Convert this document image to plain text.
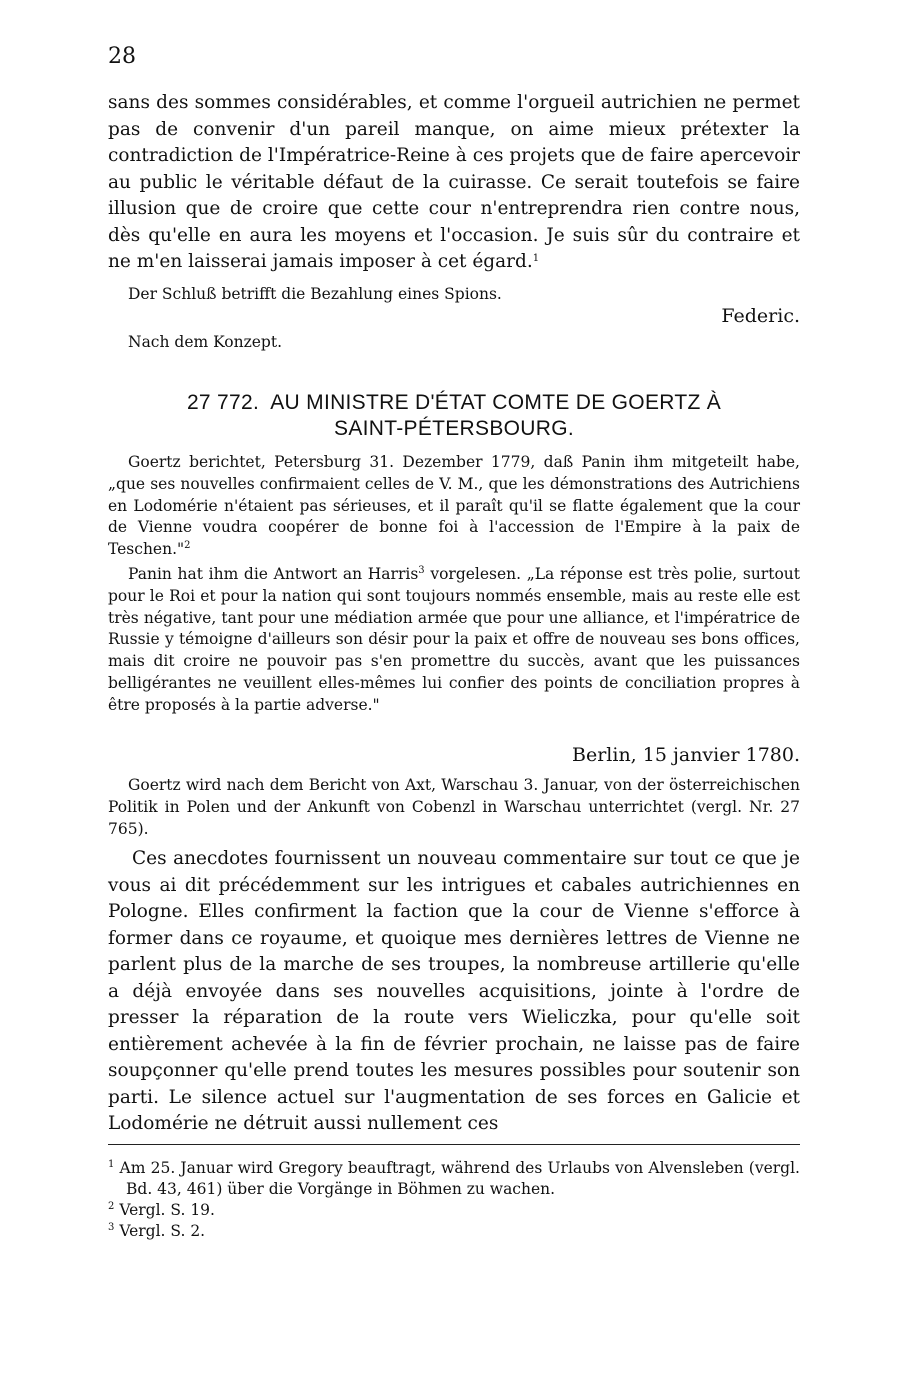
28

sans des sommes considérables, et comme l'orgueil autrichien ne permet pas de convenir d'un pareil manque, on aime mieux prétexter la contradiction de l'Impératrice-Reine à ces projets que de faire apercevoir au public le véritable défaut de la cuirasse. Ce serait toutefois se faire illusion que de croire que cette cour n'entreprendra rien contre nous, dès qu'elle en aura les moyens et l'occasion. Je suis sûr du contraire et ne m'en laisserai jamais imposer à cet égard.$^1$

Der Schluß betrifft die Bezahlung eines Spions.

Federic.

Nach dem Konzept.

27 772. AU MINISTRE D'ÉTAT COMTE DE GOERTZ À
SAINT-PÉTERSBOURG.

Goertz berichtet, Petersburg 31. Dezember 1779, daß Panin ihm mitgeteilt habe, „que ses nouvelles confirmaient celles de V. M., que les démonstrations des Autrichiens en Lodomérie n'étaient pas sérieuses, et il paraît qu'il se flatte également que la cour de Vienne voudra coopérer de bonne foi à l'accession de l'Empire à la paix de Teschen."$^2$

Panin hat ihm die Antwort an Harris$^3$ vorgelesen. „La réponse est très polie, surtout pour le Roi et pour la nation qui sont toujours nommés ensemble, mais au reste elle est très négative, tant pour une médiation armée que pour une alliance, et l'impératrice de Russie y témoigne d'ailleurs son désir pour la paix et offre de nouveau ses bons offices, mais dit croire ne pouvoir pas s'en promettre du succès, avant que les puissances belligérantes ne veuillent elles-mêmes lui confier des points de conciliation propres à être proposés à la partie adverse."

Berlin, 15 janvier 1780.

Goertz wird nach dem Bericht von Axt, Warschau 3. Januar, von der österreichischen Politik in Polen und der Ankunft von Cobenzl in Warschau unterrichtet (vergl. Nr. 27 765).

Ces anecdotes fournissent un nouveau commentaire sur tout ce que je vous ai dit précédemment sur les intrigues et cabales autrichiennes en Pologne. Elles confirment la faction que la cour de Vienne s'efforce à former dans ce royaume, et quoique mes dernières lettres de Vienne ne parlent plus de la marche de ses troupes, la nombreuse artillerie qu'elle a déjà envoyée dans ses nouvelles acquisitions, jointe à l'ordre de presser la réparation de la route vers Wieliczka, pour qu'elle soit entièrement achevée à la fin de février prochain, ne laisse pas de faire soupçonner qu'elle prend toutes les mesures possibles pour soutenir son parti. Le silence actuel sur l'augmentation de ses forces en Galicie et Lodomérie ne détruit aussi nullement ces

$^1$ Am 25. Januar wird Gregory beauftragt, während des Urlaubs von Alvensleben (vergl. Bd. 43, 461) über die Vorgänge in Böhmen zu wachen.

$^2$ Vergl. S. 19.

$^3$ Vergl. S. 2.
